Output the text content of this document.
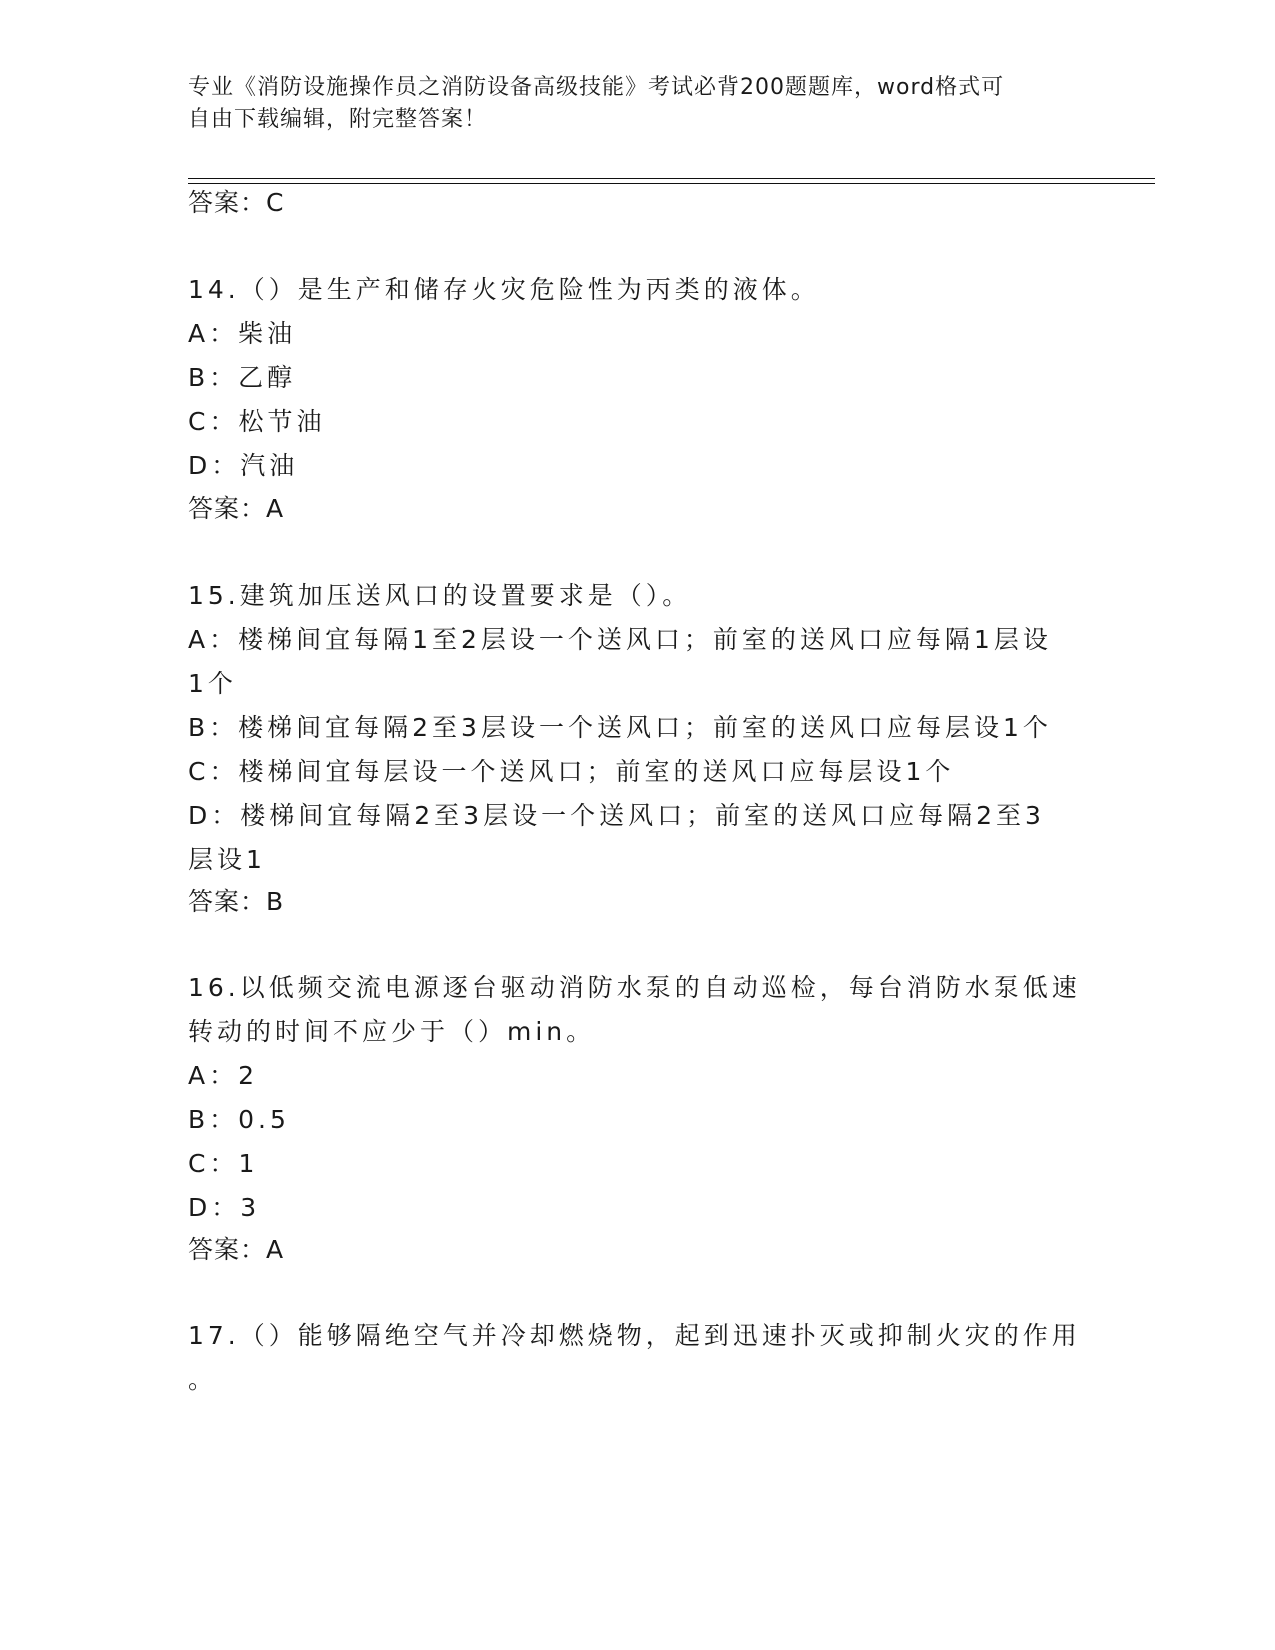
专业《消防设施操作员之消防设备高级技能》考试必背200题题库，word格式可
自由下载编辑，附完整答案！
答案：C
14.（）是生产和储存火灾危险性为丙类的液体。
A：柴油
B：乙醇
C：松节油
D：汽油
答案：A
15.建筑加压送风口的设置要求是（）。
A：楼梯间宜每隔1至2层设一个送风口；前室的送风口应每隔1层设
1个
B：楼梯间宜每隔2至3层设一个送风口；前室的送风口应每层设1个
C：楼梯间宜每层设一个送风口；前室的送风口应每层设1个
D：楼梯间宜每隔2至3层设一个送风口；前室的送风口应每隔2至3
层设1
答案：B
16.以低频交流电源逐台驱动消防水泵的自动巡检，每台消防水泵低速
转动的时间不应少于（）min。
A：2
B：0.5
C：1
D：3
答案：A
17.（）能够隔绝空气并冷却燃烧物，起到迅速扑灭或抑制火灾的作用
。
